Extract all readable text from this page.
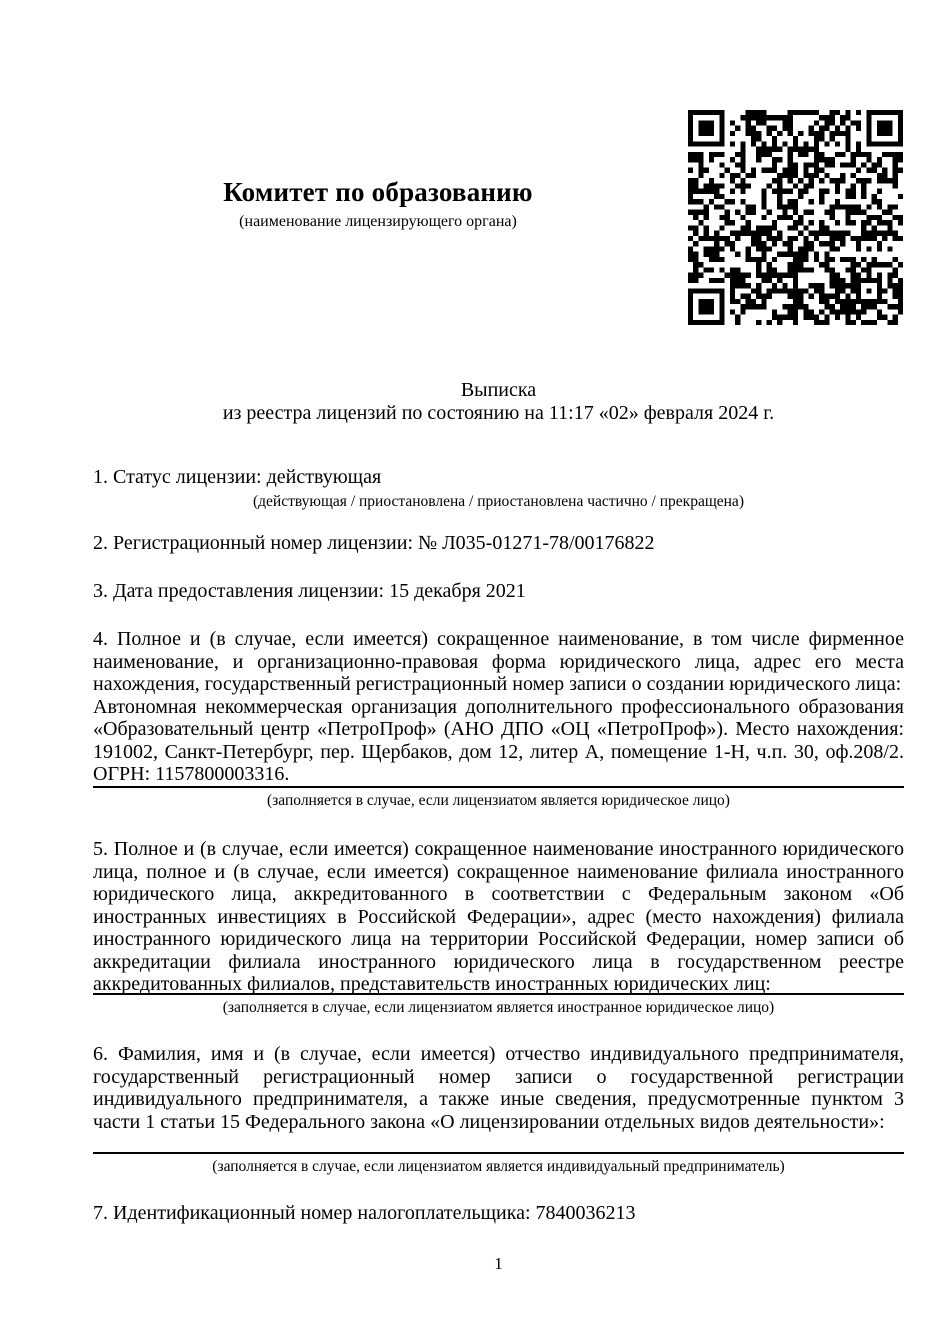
Комитет по образованию
(наименование лицензирующего органа)
Выписка
из реестра лицензий по состоянию на 11:17 «02» февраля 2024 г.
1. Статус лицензии: действующая
(действующая / приостановлена / приостановлена частично / прекращена)
2. Регистрационный номер лицензии: № Л035-01271-78/00176822
3. Дата предоставления лицензии: 15 декабря 2021
4. Полное и (в случае, если имеется) сокращенное наименование, в том числе фирменное наименование, и организационно-правовая форма юридического лица, адрес его места нахождения, государственный регистрационный номер записи о создании юридического лица:
Автономная некоммерческая организация дополнительного профессионального образования «Образовательный центр «ПетроПроф» (АНО ДПО «ОЦ «ПетроПроф»). Место нахождения: 191002, Санкт-Петербург, пер. Щербаков, дом 12, литер А, помещение 1-Н, ч.п. 30, оф.208/2. ОГРН: 1157800003316.
(заполняется в случае, если лицензиатом является юридическое лицо)
5. Полное и (в случае, если имеется) сокращенное наименование иностранного юридического лица, полное и (в случае, если имеется) сокращенное наименование филиала иностранного юридического лица, аккредитованного в соответствии с Федеральным законом «Об иностранных инвестициях в Российской Федерации», адрес (место нахождения) филиала иностранного юридического лица на территории Российской Федерации, номер записи об аккредитации филиала иностранного юридического лица в государственном реестре аккредитованных филиалов, представительств иностранных юридических лиц:
(заполняется в случае, если лицензиатом является иностранное юридическое лицо)
6. Фамилия, имя и (в случае, если имеется) отчество индивидуального предпринимателя, государственный регистрационный номер записи о государственной регистрации индивидуального предпринимателя, а также иные сведения, предусмотренные пунктом 3 части 1 статьи 15 Федерального закона «О лицензировании отдельных видов деятельности»:
(заполняется в случае, если лицензиатом является индивидуальный предприниматель)
7. Идентификационный номер налогоплательщика: 7840036213
1
